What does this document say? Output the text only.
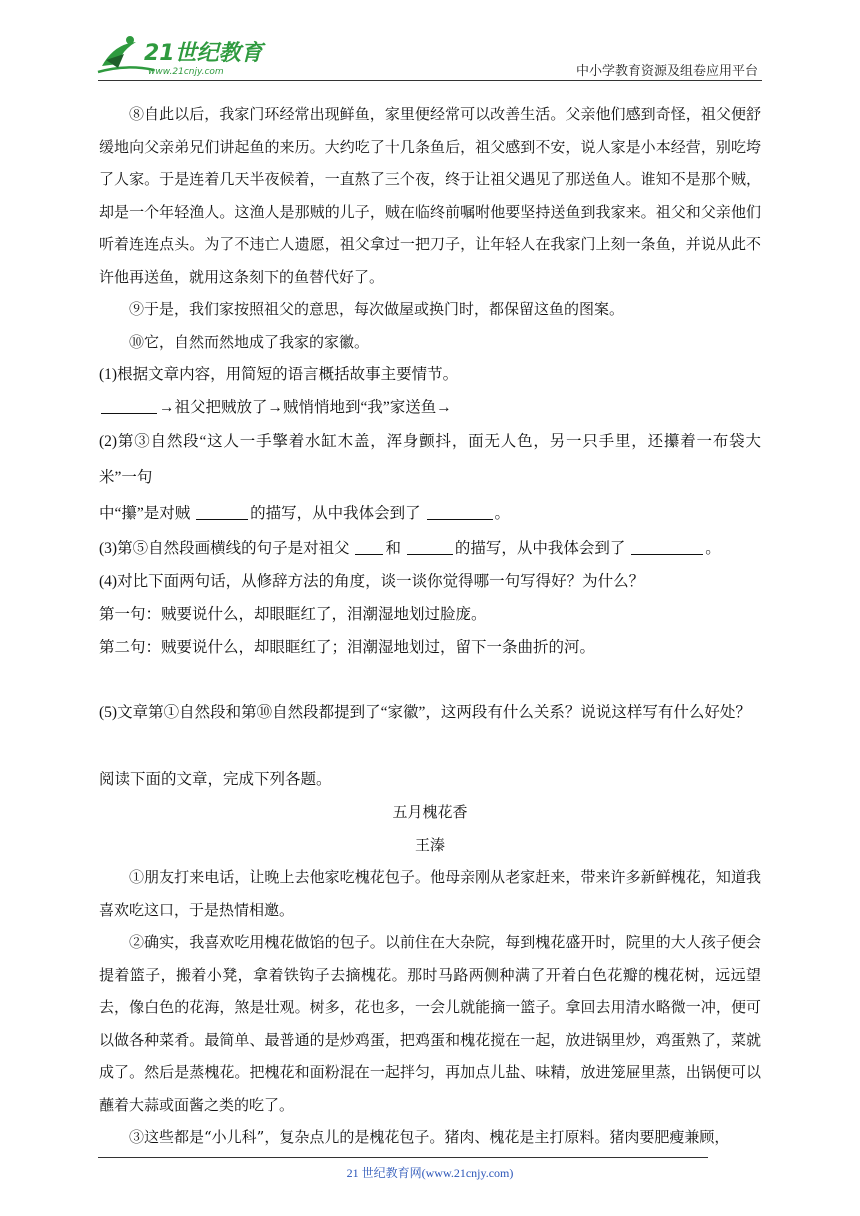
21世纪教育
www.21cnjy.com	中小学教育资源及组卷应用平台

⑧自此以后，我家门环经常出现鲜鱼，家里便经常可以改善生活。父亲他们感到奇怪，祖父便舒缓地向父亲弟兄们讲起鱼的来历。大约吃了十几条鱼后，祖父感到不安，说人家是小本经营，别吃垮了人家。于是连着几天半夜候着，一直熬了三个夜，终于让祖父遇见了那送鱼人。谁知不是那个贼，却是一个年轻渔人。这渔人是那贼的儿子，贼在临终前嘱咐他要坚持送鱼到我家来。祖父和父亲他们听着连连点头。为了不违亡人遗愿，祖父拿过一把刀子，让年轻人在我家门上刻一条鱼，并说从此不许他再送鱼，就用这条刻下的鱼替代好了。

⑨于是，我们家按照祖父的意思，每次做屋或换门时，都保留这鱼的图案。

⑩它，自然而然地成了我家的家徽。

(1)根据文章内容，用简短的语言概括故事主要情节。

→祖父把贼放了→贼悄悄地到“我”家送鱼→

(2)第③自然段“这人一手擎着水缸木盖，浑身颤抖，面无人色，另一只手里，还攥着一布袋大米”一句
中“攥”是对贼	的描写，从中我体会到了	。

(3)第⑤自然段画横线的句子是对祖父 和	的描写，从中我体会到了	。

(4)对比下面两句话，从修辞方法的角度，谈一谈你觉得哪一句写得好？为什么？

第一句：贼要说什么，却眼眶红了，泪潮湿地划过脸庞。

第二句：贼要说什么，却眼眶红了；泪潮湿地划过，留下一条曲折的河。

(5)文章第①自然段和第⑩自然段都提到了“家徽”，这两段有什么关系？说说这样写有什么好处？

阅读下面的文章，完成下列各题。

五月槐花香

王溱

①朋友打来电话，让晚上去他家吃槐花包子。他母亲刚从老家赶来，带来许多新鲜槐花，知道我喜欢吃这口，于是热情相邀。

②确实，我喜欢吃用槐花做馅的包子。以前住在大杂院，每到槐花盛开时，院里的大人孩子便会提着篮子，搬着小凳，拿着铁钩子去摘槐花。那时马路两侧种满了开着白色花瓣的槐花树，远远望去，像白色的花海，煞是壮观。树多，花也多，一会儿就能摘一篮子。拿回去用清水略微一冲，便可以做各种菜肴。最简单、最普通的是炒鸡蛋，把鸡蛋和槐花搅在一起，放进锅里炒，鸡蛋熟了，菜就成了。然后是蒸槐花。把槐花和面粉混在一起拌匀，再加点儿盐、味精，放进笼屉里蒸，出锅便可以蘸着大蒜或面酱之类的吃了。

③这些都是“小儿科”，复杂点儿的是槐花包子。猪肉、槐花是主打原料。猪肉要肥瘦兼顾，

21 世纪教育网(www.21cnjy.com)
